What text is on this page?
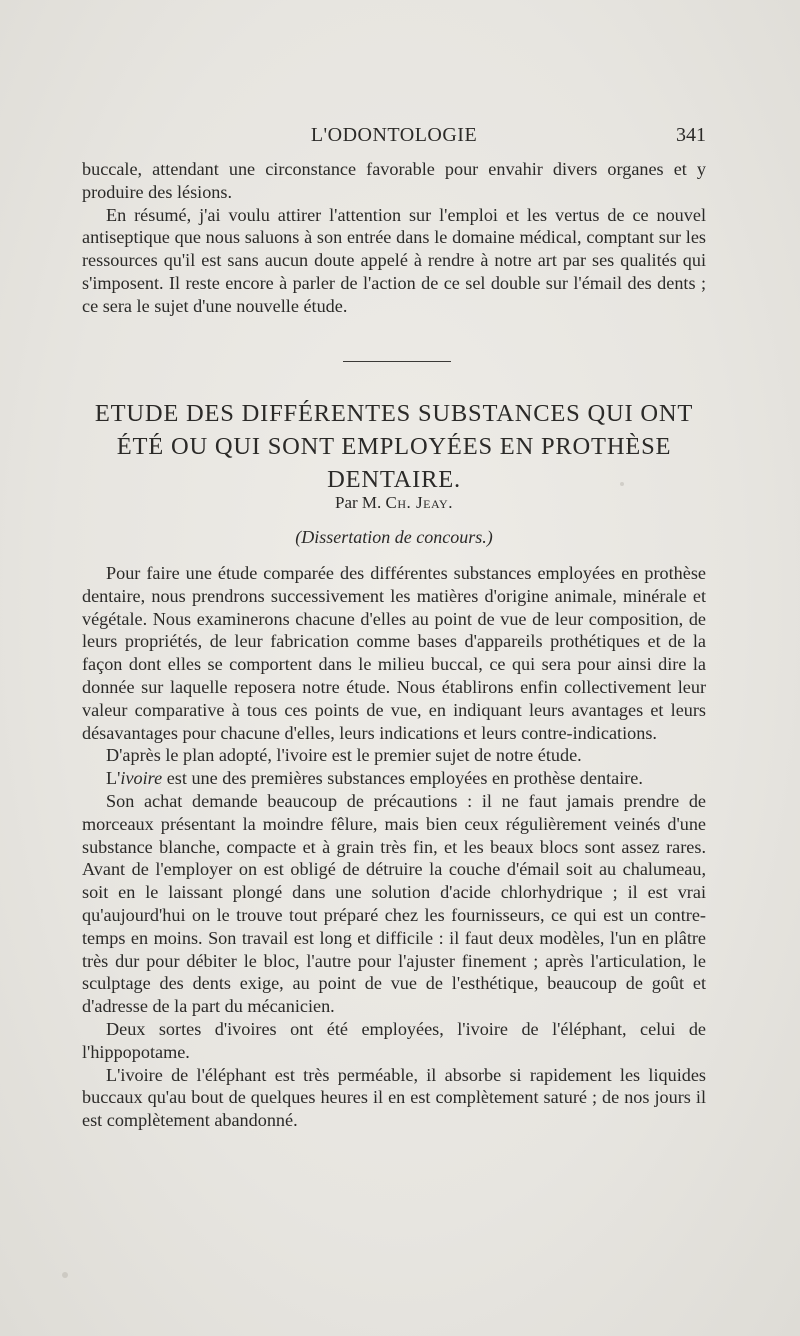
L'ODONTOLOGIE	341

buccale, attendant une circonstance favorable pour envahir divers organes et y produire des lésions.

En résumé, j'ai voulu attirer l'attention sur l'emploi et les vertus de ce nouvel antiseptique que nous saluons à son entrée dans le domaine médical, comptant sur les ressources qu'il est sans aucun doute appelé à rendre à notre art par ses qualités qui s'imposent. Il reste encore à parler de l'action de ce sel double sur l'émail des dents ; ce sera le sujet d'une nouvelle étude.

ETUDE DES DIFFÉRENTES SUBSTANCES QUI ONT
ÉTÉ OU QUI SONT EMPLOYÉES EN PROTHÈSE
DENTAIRE.
Par M. Ch. Jeay.
(Dissertation de concours.)

Pour faire une étude comparée des différentes substances employées en prothèse dentaire, nous prendrons successivement les matières d'origine animale, minérale et végétale. Nous examinerons chacune d'elles au point de vue de leur composition, de leurs propriétés, de leur fabrication comme bases d'appareils prothétiques et de la façon dont elles se comportent dans le milieu buccal, ce qui sera pour ainsi dire la donnée sur laquelle reposera notre étude. Nous établirons enfin collectivement leur valeur comparative à tous ces points de vue, en indiquant leurs avantages et leurs désavantages pour chacune d'elles, leurs indications et leurs contre-indications.

D'après le plan adopté, l'ivoire est le premier sujet de notre étude.

L'ivoire est une des premières substances employées en prothèse dentaire.

Son achat demande beaucoup de précautions : il ne faut jamais prendre de morceaux présentant la moindre fêlure, mais bien ceux régulièrement veinés d'une substance blanche, compacte et à grain très fin, et les beaux blocs sont assez rares. Avant de l'employer on est obligé de détruire la couche d'émail soit au chalumeau, soit en le laissant plongé dans une solution d'acide chlorhydrique ; il est vrai qu'aujourd'hui on le trouve tout préparé chez les fournisseurs, ce qui est un contre-temps en moins. Son travail est long et difficile : il faut deux modèles, l'un en plâtre très dur pour débiter le bloc, l'autre pour l'ajuster finement ; après l'articulation, le sculptage des dents exige, au point de vue de l'esthétique, beaucoup de goût et d'adresse de la part du mécanicien.

Deux sortes d'ivoires ont été employées, l'ivoire de l'éléphant, celui de l'hippopotame.

L'ivoire de l'éléphant est très perméable, il absorbe si rapidement les liquides buccaux qu'au bout de quelques heures il en est complètement saturé ; de nos jours il est complètement abandonné.
